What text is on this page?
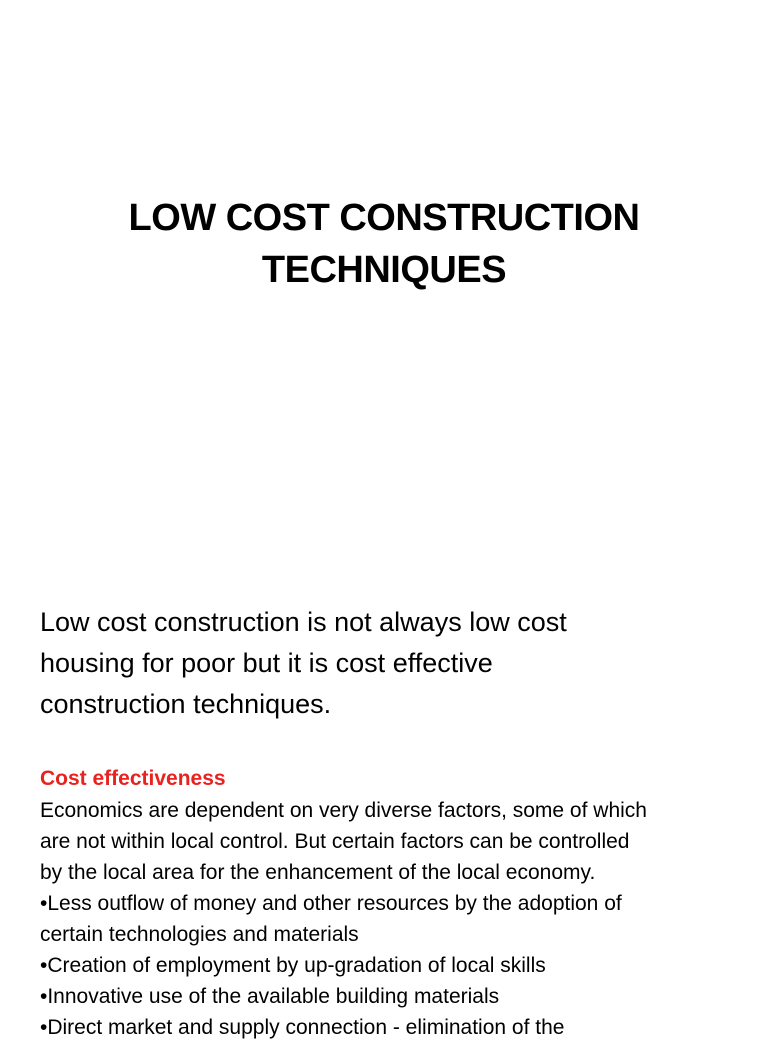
LOW COST CONSTRUCTION
TECHNIQUES

Low cost construction is not always low cost
housing for poor but it is cost effective
construction techniques.

Cost effectiveness

Economics are dependent on very diverse factors, some of which
are not within local control. But certain factors can be controlled
by the local area for the enhancement of the local economy.
•Less outflow of money and other resources by the adoption of
certain technologies and materials
•Creation of employment by up-gradation of local skills
•Innovative use of the available building materials
•Direct market and supply connection - elimination of the
